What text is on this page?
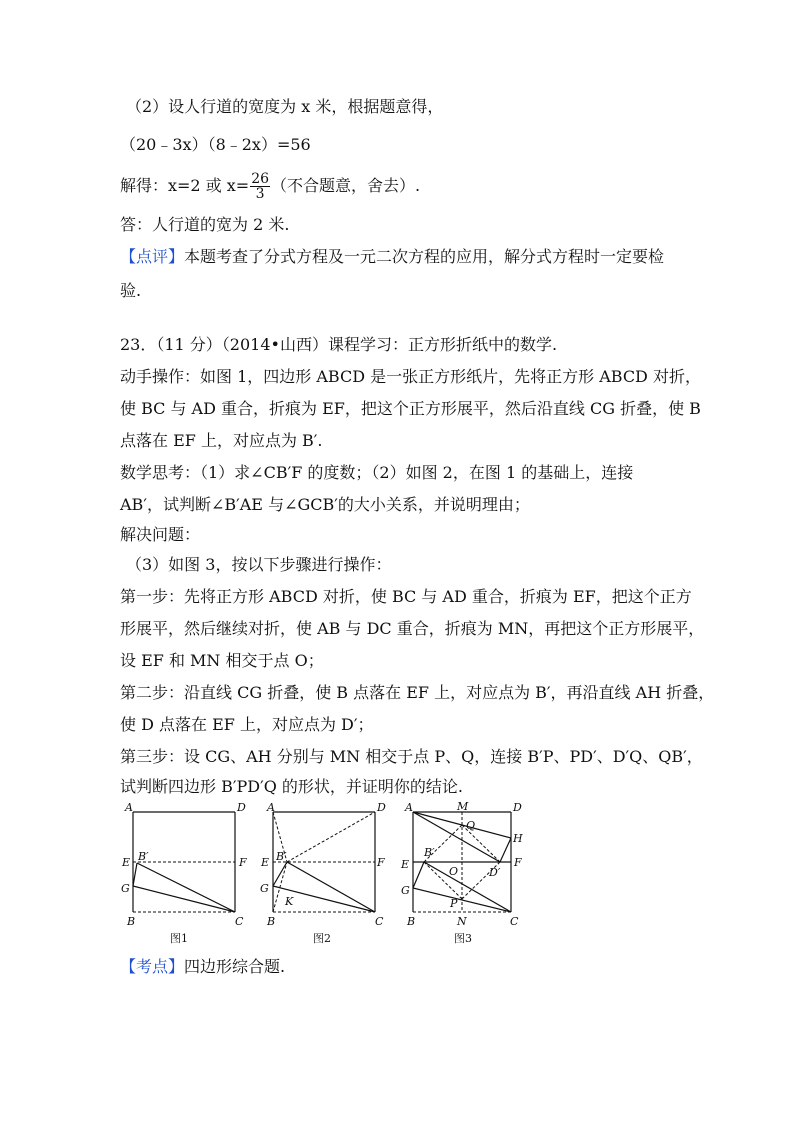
（2）设人行道的宽度为 x 米，根据题意得，
（20﹣3x）（8﹣2x）=56
解得：x=2 或 $x= \frac{26}{3}$ （不合题意，舍去）.
答：人行道的宽为 2 米.
【点评】本题考查了分式方程及一元二次方程的应用，解分式方程时一定要检
验.
23．（11 分）（2014•山西）课程学习：正方形折纸中的数学.
动手操作：如图 1，四边形 ABCD 是一张正方形纸片，先将正方形 ABCD 对折，
使 BC 与 AD 重合，折痕为 EF，把这个正方形展平，然后沿直线 CG 折叠，使 B
点落在 EF 上，对应点为 B′.
数学思考：（1）求∠CB′F 的度数；（2）如图 2，在图 1 的基础上，连接
AB′，试判断∠B′AE 与∠GCB′的大小关系，并说明理由；
解决问题：
（3）如图 3，按以下步骤进行操作：
第一步：先将正方形 ABCD 对折，使 BC 与 AD 重合，折痕为 EF，把这个正方
形展平，然后继续对折，使 AB 与 DC 重合，折痕为 MN，再把这个正方形展平，
设 EF 和 MN 相交于点 O；
第二步：沿直线 CG 折叠，使 B 点落在 EF 上，对应点为 B′，再沿直线 AH 折叠，
使 D 点落在 EF 上，对应点为 D′；
第三步：设 CG、AH 分别与 MN 相交于点 P、Q，连接 B′P、PD′、D′Q、QB′，
试判断四边形 B′PD′Q 的形状，并证明你的结论.
A	D
E B′	F
G
B	C
图1
A	D
E B′	F
G
K
B	C
图2
A	M	D
Q
H
E
B′
O	D′
F
G
P
B	N	C
图3
【考点】四边形综合题.
